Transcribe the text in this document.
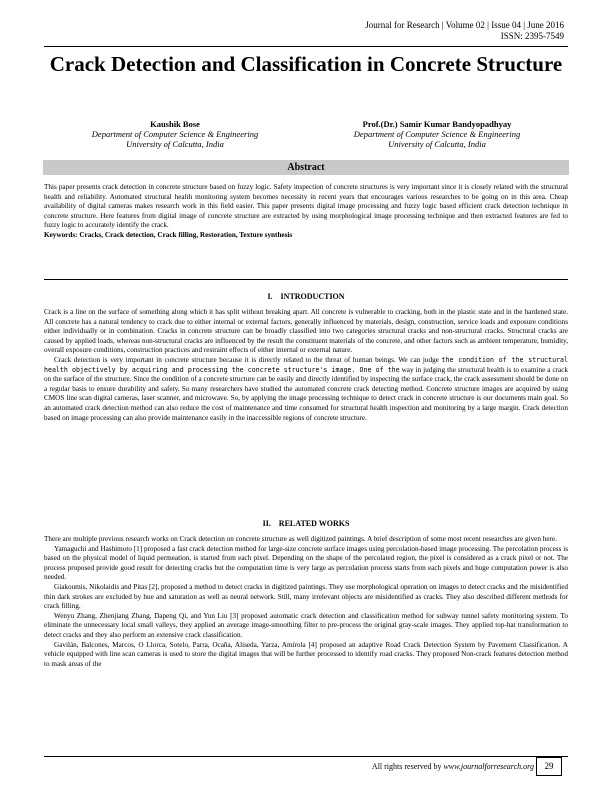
Journal for Research | Volume 02 | Issue 04 | June 2016
ISSN: 2395-7549
Crack Detection and Classification in Concrete Structure
Kaushik Bose
Department of Computer Science & Engineering
University of Calcutta, India
Prof.(Dr.) Samir Kumar Bandyopadhyay
Department of Computer Science & Engineering
University of Calcutta, India
Abstract

This paper presents crack detection in concrete structure based on fuzzy logic. Safety inspection of concrete structures is very important since it is closely related with the structural health and reliability. Automated structural health monitoring system becomes necessity in recent years that encourages various researches to be going on in this area. Cheap availability of digital cameras makes research work in this field easier. This paper presents digital image processing and fuzzy logic based efficient crack detection technique in concrete structure. Here features from digital image of concrete structure are extracted by using morphological image processing technique and then extracted features are fed to fuzzy logic to accurately identify the crack.

Keywords: Cracks, Crack detection, Crack filling, Restoration, Texture synthesis

I. INTRODUCTION

Crack is a line on the surface of something along which it has split without breaking apart. All concrete is vulnerable to cracking, both in the plastic state and in the hardened state. All concrete has a natural tendency to crack due to either internal or external factors, generally influenced by materials, design, construction, service loads and exposure conditions either individually or in combination. Cracks in concrete structure can be broadly classified into two categories structural cracks and non-structural cracks. Structural cracks are caused by applied loads, whereas non-structural cracks are influenced by the result the constituent materials of the concrete, and other factors such as ambient temperature, humidity, overall exposure conditions, construction practices and restraint effects of either internal or external nature.

Crack detection is very important in concrete structure because it is directly related to the threat of human beings. We can judge the condition of the structural health objectively by acquiring and processing the concrete structure's image. One of the way in judging the structural health is to examine a crack on the surface of the structure. Since the condition of a concrete structure can be easily and directly identified by inspecting the surface crack, the crack assessment should be done on a regular basis to ensure durability and safety. So many researchers have studied the automated concrete crack detecting method. Concrete structure images are acquired by using CMOS line scan digital cameras, laser scanner, and microwave. So, by applying the image processing technique to detect crack in concrete structure is our documents main goal. So an automated crack detection method can also reduce the cost of maintenance and time consumed for structural health inspection and monitoring by a large margin. Crack detection based on image processing can also provide maintenance easily in the inaccessible regions of concrete structure.

II. RELATED WORKS

There are multiple previous research works on Crack detection on concrete structure as well digitized paintings. A brief description of some most recent researches are given here.

Yamaguchi and Hashimoto [1] proposed a fast crack detection method for large-size concrete surface images using percolation-based image processing. The percolation process is based on the physical model of liquid permeation, is started from each pixel. Depending on the shape of the percolated region, the pixel is considered as a crack pixel or not. The process proposed provide good result for detecting cracks but the computation time is very large as percolation process starts from each pixels and huge computation power is also needed.

Giakoumis, Nikolaidis and Pitas [2], proposed a method to detect cracks in digitized paintings. They use morphological operation on images to detect cracks and the misidentified thin dark strokes are excluded by hue and saturation as well as neural network. Still, many irrelevant objects are misidentified as cracks. They also described different methods for crack filling.

Wenyu Zhang, Zhenjiang Zhang, Dapeng Qi, and Yun Liu [3] proposed automatic crack detection and classification method for subway tunnel safety monitoring system. To eliminate the unnecessary local small valleys, they applied an average image-smoothing filter to pre-process the original gray-scale images. They applied top-hat transformation to detect cracks and they also perform an extensive crack classification.

Gavilán, Balcones, Marcos, O Llorca, Sotelo, Parra, Ocaña, Aliseda, Yarza, Amírola [4] proposed an adaptive Road Crack Detection System by Pavement Classification. A vehicle equipped with line scan cameras is used to store the digital images that will be further processed to identify road cracks. They proposed Non-crack features detection method to mask areas of the

All rights reserved by www.journalforresearch.org	29
